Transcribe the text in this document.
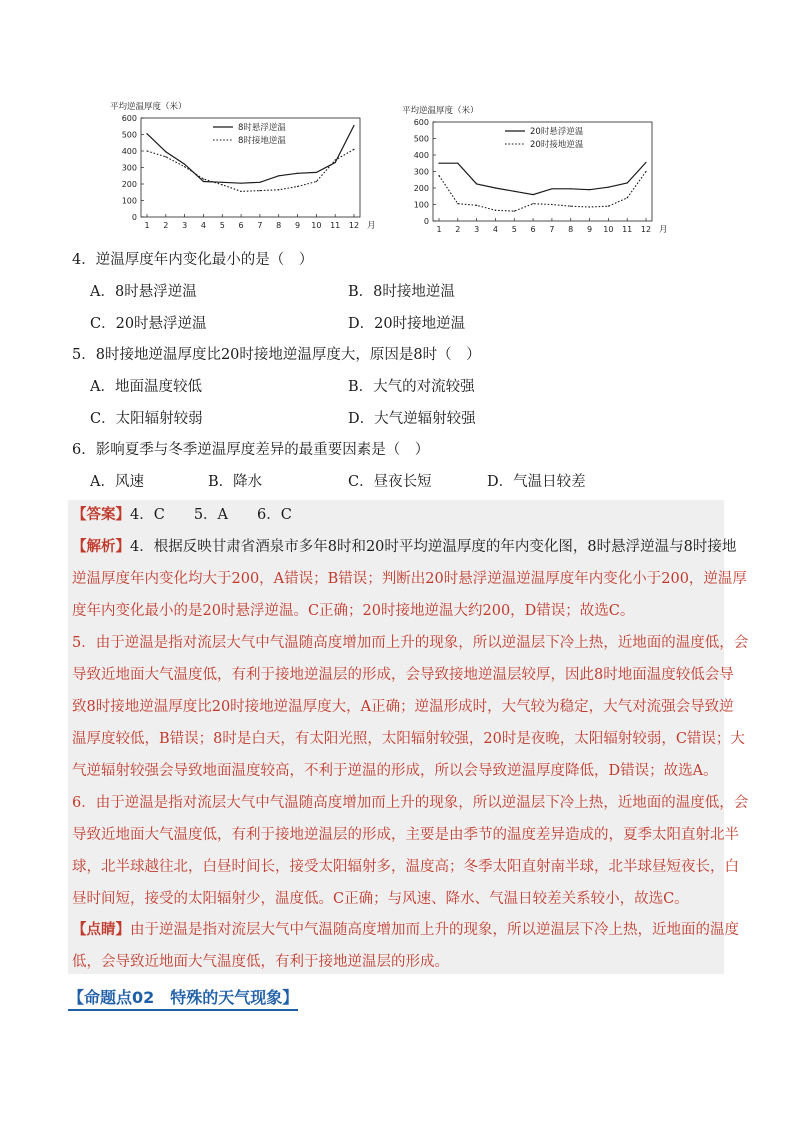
平均逆温厚度（米）
0
100
200
300
400
500
600
1 2 3 4 5 6 7 8 9 10 11 12 月
8时悬浮逆温
8时接地逆温
平均逆温厚度（米）
0
100
200
300
400
500
600
1 2 3 4 5 6 7 8 9 10 11 12 月
20时悬浮逆温
20时接地逆温
4．逆温厚度年内变化最小的是（　）
A．8时悬浮逆温	B．8时接地逆温
C．20时悬浮逆温	D．20时接地逆温
5．8时接地逆温厚度比20时接地逆温厚度大，原因是8时（　）
A．地面温度较低	B．大气的对流较强
C．太阳辐射较弱	D．大气逆辐射较强
6．影响夏季与冬季逆温厚度差异的最重要因素是（　）
A．风速	B．降水	C．昼夜长短	D．气温日较差
【答案】4．C　　5．A　　6．C
【解析】4．根据反映甘肃省酒泉市多年8时和20时平均逆温厚度的年内变化图，8时悬浮逆温与8时接地
逆温厚度年内变化均大于200，A错误；B错误；判断出20时悬浮逆温逆温厚度年内变化小于200，逆温厚
度年内变化最小的是20时悬浮逆温。C正确；20时接地逆温大约200，D错误；故选C。
5．由于逆温是指对流层大气中气温随高度增加而上升的现象，所以逆温层下冷上热，近地面的温度低，会
导致近地面大气温度低，有利于接地逆温层的形成，会导致接地逆温层较厚，因此8时地面温度较低会导
致8时接地逆温厚度比20时接地逆温厚度大，A正确；逆温形成时，大气较为稳定，大气对流强会导致逆
温厚度较低，B错误；8时是白天，有太阳光照，太阳辐射较强，20时是夜晚，太阳辐射较弱，C错误；大
气逆辐射较强会导致地面温度较高，不利于逆温的形成，所以会导致逆温厚度降低，D错误；故选A。
6．由于逆温是指对流层大气中气温随高度增加而上升的现象，所以逆温层下冷上热，近地面的温度低，会
导致近地面大气温度低，有利于接地逆温层的形成，主要是由季节的温度差异造成的，夏季太阳直射北半
球，北半球越往北，白昼时间长，接受太阳辐射多，温度高；冬季太阳直射南半球，北半球昼短夜长，白
昼时间短，接受的太阳辐射少，温度低。C正确；与风速、降水、气温日较差关系较小，故选C。
【点睛】由于逆温是指对流层大气中气温随高度增加而上升的现象，所以逆温层下冷上热，近地面的温度
低，会导致近地面大气温度低，有利于接地逆温层的形成。
【命题点02　特殊的天气现象】
